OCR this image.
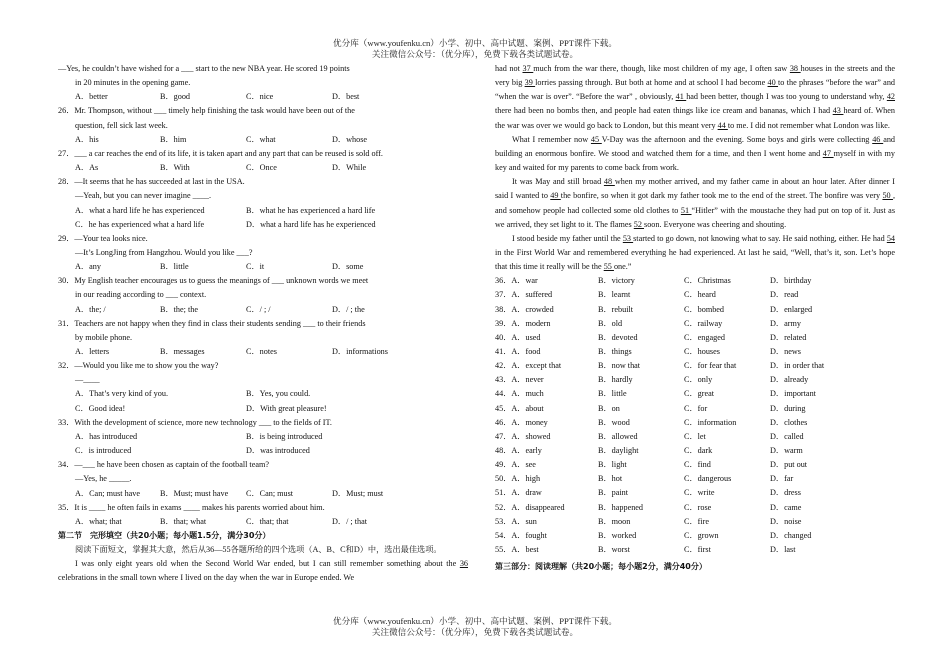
优分库（www.youfenku.cn）小学、初中、高中试题、案例、PPT课件下载。
关注微信公众号：（优分库），免费下载各类试题试卷。
—Yes, he couldn’t have wished for a ___ start to the new NBA year. He scored 19 points
in 20 minutes in the opening game.
A．better	B．good	C．nice	D．best
26．Mr. Thompson, without ___ timely help finishing the task would have been out of the
question, fell sick last week.
A．his	B．him	C．what	D．whose
27．___ a car reaches the end of its life, it is taken apart and any part that can be reused is sold off.
A．As	B．With	C．Once	D．While
28．—It seems that he has succeeded at last in the USA.
—Yeah, but you can never imagine ____.
A．what a hard life he has experienced	B．what he has experienced a hard life
C．he has experienced what a hard life	D．what a hard life has he experienced
29．—Your tea looks nice.
—It’s LongJing from Hangzhou. Would you like ___?
A．any	B．little	C．it	D．some
30．My English teacher encourages us to guess the meanings of ___ unknown words we meet
in our reading according to ___ context.
A．the; /	B．the; the	C．/ ; /	D．/ ; the
31．Teachers are not happy when they find in class their students sending ___ to their friends
by mobile phone.
A．letters	B．messages	C．notes	D．informations
32．—Would you like me to show you the way?
—____
A．That’s very kind of you.	B．Yes, you could.
C．Good idea!	D．With great pleasure!
33．With the development of science, more new technology ___ to the fields of IT.
A．has introduced	B．is being introduced
C．is introduced	D．was introduced
34．—___ he have been chosen as captain of the football team?
—Yes, he _____.
A．Can; must have B．Must; must have C．Can; must	D．Must; must
35．It is ____ he often fails in exams ____ makes his parents worried about him.
A．what; that	B．that; what	C．that; that	D．/ ; that
第二节　完形填空（共20小题；每小题1.5分，满分30分）

阅读下面短文，掌握其大意，然后从36—55各题所给的四个选项（A、B、C和D）中，选出最佳选项。

I was only eight years old when the Second World War ended, but I can still remember something about the 36 celebrations in the small town where I lived on the day when the war in Europe ended. We

had not 37 much from the war there, though, like most children of my age, I often saw 38 houses in the streets and the very big 39 lorries passing through. But both at home and at school I had become 40 to the phrases “before the war” and “when the war is over”. “Before the war” , obviously, 41 had been better, though I was too young to understand why, 42 there had been no bombs then, and people had eaten things like ice cream and bananas, which I had 43 heard of. When the war was over we would go back to London, but this meant very 44 to me. I did not remember what London was like.

What I remember now 45 V-Day was the afternoon and the evening. Some boys and girls were collecting 46 and building an enormous bonfire. We stood and watched them for a time, and then I went home and 47 myself in with my key and waited for my parents to come back from work.

It was May and still broad 48 when my mother arrived, and my father came in about an hour later. After dinner I said I wanted to 49 the bonfire, so when it got dark my father took me to the end of the street. The bonfire was very 50 , and somehow people had collected some old clothes to 51 “Hitler” with the moustache they had put on top of it. Just as we arrived, they set light to it. The flames 52 soon. Everyone was cheering and shouting.

I stood beside my father until the 53 started to go down, not knowing what to say. He said nothing, either. He had 54 in the First World War and remembered everything he had experienced. At last he said, “Well, that’s it, son. Let’s hope that this time it really will be the 55 one.”

36．A．war	B．victory	C．Christmas	D．birthday
37．A．suffered	B．learnt	C．heard	D．read
38．A．crowded	B．rebuilt	C．bombed	D．enlarged
39．A．modern	B．old	C．railway	D．army
40．A．used	B．devoted	C．engaged	D．related
41．A．food	B．things	C．houses	D．news
42．A．except that	B．now that	C．for fear that	D．in order that
43．A．never	B．hardly	C．only	D．already
44．A．much	B．little	C．great	D．important
45．A．about	B．on	C．for	D．during
46．A．money	B．wood	C．information	D．clothes
47．A．showed	B．allowed	C．let	D．called
48．A．early	B．daylight	C．dark	D．warm
49．A．see	B．light	C．find	D．put out
50．A．high	B．hot	C．dangerous	D．far
51．A．draw	B．paint	C．write	D．dress
52．A．disappeared	B．happened	C．rose	D．came
53．A．sun	B．moon	C．fire	D．noise
54．A．fought	B．worked	C．grown	D．changed
55．A．best	B．worst	C．first	D．last
第三部分：阅读理解（共20小题；每小题2分，满分40分）
优分库（www.youfenku.cn）小学、初中、高中试题、案例、PPT课件下载。
关注微信公众号：（优分库），免费下载各类试题试卷。
